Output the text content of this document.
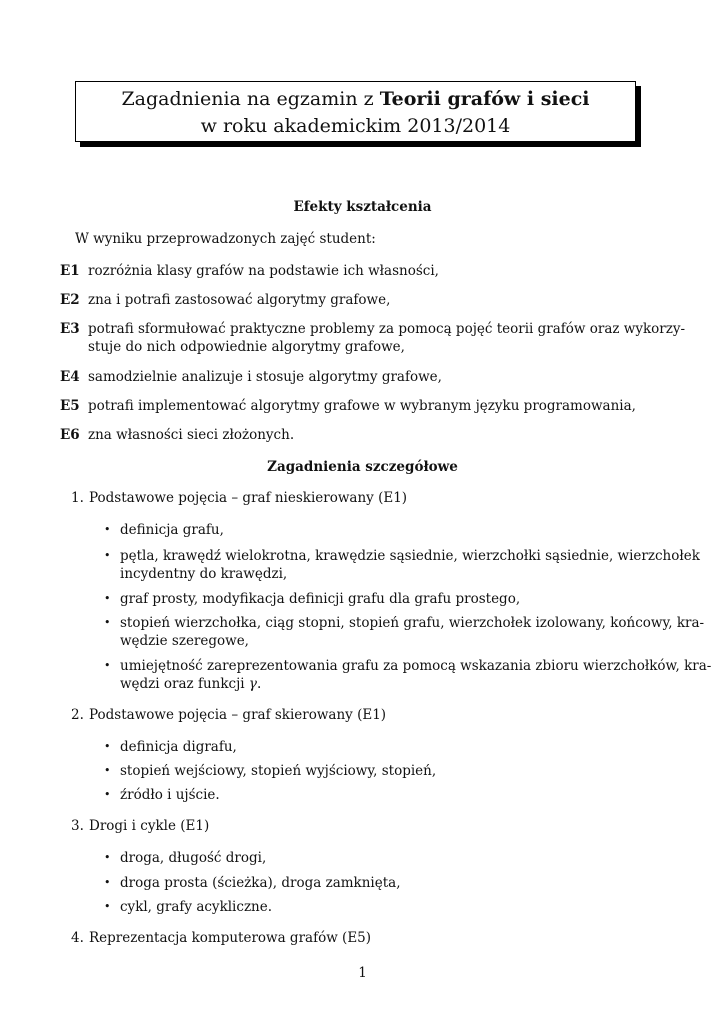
Zagadnienia na egzamin z Teorii grafów i sieci
w roku akademickim 2013/2014
Efekty kształcenia
W wyniku przeprowadzonych zajęć student:
E1 rozróżnia klasy grafów na podstawie ich własności,
E2 zna i potrafi zastosować algorytmy grafowe,
E3 potrafi sformułować praktyczne problemy za pomocą pojęć teorii grafów oraz wykorzy-
stuje do nich odpowiednie algorytmy grafowe,
E4 samodzielnie analizuje i stosuje algorytmy grafowe,
E5 potrafi implementować algorytmy grafowe w wybranym języku programowania,
E6 zna własności sieci złożonych.
Zagadnienia szczegółowe
1. Podstawowe pojęcia – graf nieskierowany (E1)
• definicja grafu,
• pętla, krawędź wielokrotna, krawędzie sąsiednie, wierzchołki sąsiednie, wierzchołek
incydentny do krawędzi,
• graf prosty, modyfikacja definicji grafu dla grafu prostego,
• stopień wierzchołka, ciąg stopni, stopień grafu, wierzchołek izolowany, końcowy, kra-
wędzie szeregowe,
• umiejętność zareprezentowania grafu za pomocą wskazania zbioru wierzchołków, kra-
wędzi oraz funkcji γ.
2. Podstawowe pojęcia – graf skierowany (E1)
• definicja digrafu,
• stopień wejściowy, stopień wyjściowy, stopień,
• źródło i ujście.
3. Drogi i cykle (E1)
• droga, długość drogi,
• droga prosta (ścieżka), droga zamknięta,
• cykl, grafy acykliczne.
4. Reprezentacja komputerowa grafów (E5)
1
